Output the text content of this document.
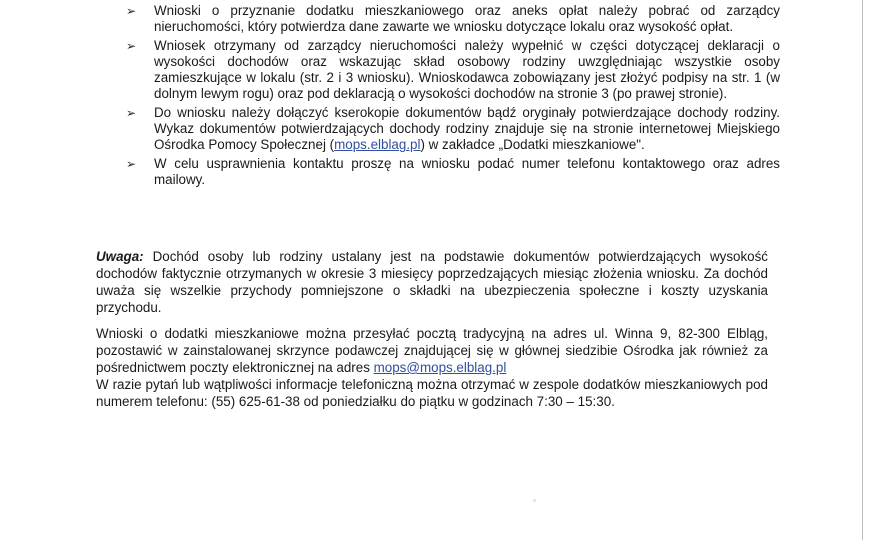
➢ Wnioski o przyznanie dodatku mieszkaniowego oraz aneks opłat należy pobrać od zarządcy nieruchomości, który potwierdza dane zawarte we wniosku dotyczące lokalu oraz wysokość opłat.
➢ Wniosek otrzymany od zarządcy nieruchomości należy wypełnić w części dotyczącej deklaracji o wysokości dochodów oraz wskazując skład osobowy rodziny uwzględniając wszystkie osoby zamieszkujące w lokalu (str. 2 i 3 wniosku). Wnioskodawca zobowiązany jest złożyć podpisy na str. 1 (w dolnym lewym rogu) oraz pod deklaracją o wysokości dochodów na stronie 3 (po prawej stronie).
➢ Do wniosku należy dołączyć kserokopie dokumentów bądź oryginały potwierdzające dochody rodziny. Wykaz dokumentów potwierdzających dochody rodziny znajduje się na stronie internetowej Miejskiego Ośrodka Pomocy Społecznej (mops.elblag.pl) w zakładce „Dodatki mieszkaniowe".
➢ W celu usprawnienia kontaktu proszę na wniosku podać numer telefonu kontaktowego oraz adres mailowy.

Uwaga: Dochód osoby lub rodziny ustalany jest na podstawie dokumentów potwierdzających wysokość dochodów faktycznie otrzymanych w okresie 3 miesięcy poprzedzających miesiąc złożenia wniosku. Za dochód uważa się wszelkie przychody pomniejszone o składki na ubezpieczenia społeczne i koszty uzyskania przychodu.

Wnioski o dodatki mieszkaniowe można przesyłać pocztą tradycyjną na adres ul. Winna 9, 82-300 Elbląg, pozostawić w zainstalowanej skrzynce podawczej znajdującej się w głównej siedzibie Ośrodka jak również za pośrednictwem poczty elektronicznej na adres mops@mops.elblag.pl
W razie pytań lub wątpliwości informacje telefoniczną można otrzymać w zespole dodatków mieszkaniowych pod numerem telefonu: (55) 625-61-38 od poniedziałku do piątku w godzinach 7:30 – 15:30.
